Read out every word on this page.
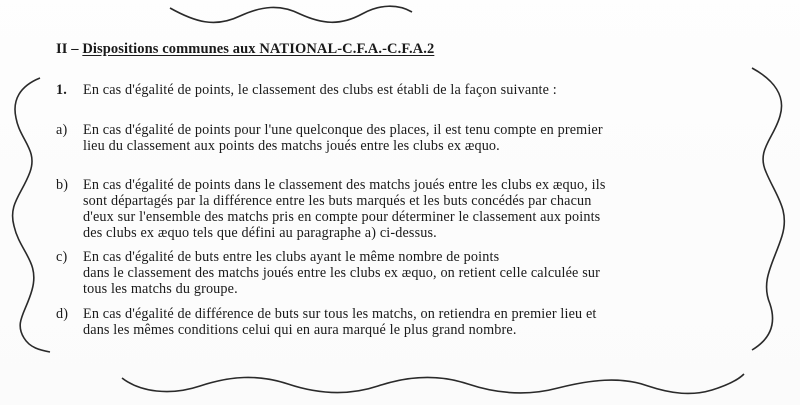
II – Dispositions communes aux NATIONAL-C.F.A.-C.F.A.2
1. En cas d'égalité de points, le classement des clubs est établi de la façon suivante :
a) En cas d'égalité de points pour l'une quelconque des places, il est tenu compte en premier
lieu du classement aux points des matchs joués entre les clubs ex æquo.
b) En cas d'égalité de points dans le classement des matchs joués entre les clubs ex æquo, ils
sont départagés par la différence entre les buts marqués et les buts concédés par chacun
d'eux sur l'ensemble des matchs pris en compte pour déterminer le classement aux points
des clubs ex æquo tels que défini au paragraphe a) ci-dessus.
c) En cas d'égalité de buts entre les clubs ayant le même nombre de points
dans le classement des matchs joués entre les clubs ex æquo, on retient celle calculée sur
tous les matchs du groupe.
d) En cas d'égalité de différence de buts sur tous les matchs, on retiendra en premier lieu et
dans les mêmes conditions celui qui en aura marqué le plus grand nombre.
